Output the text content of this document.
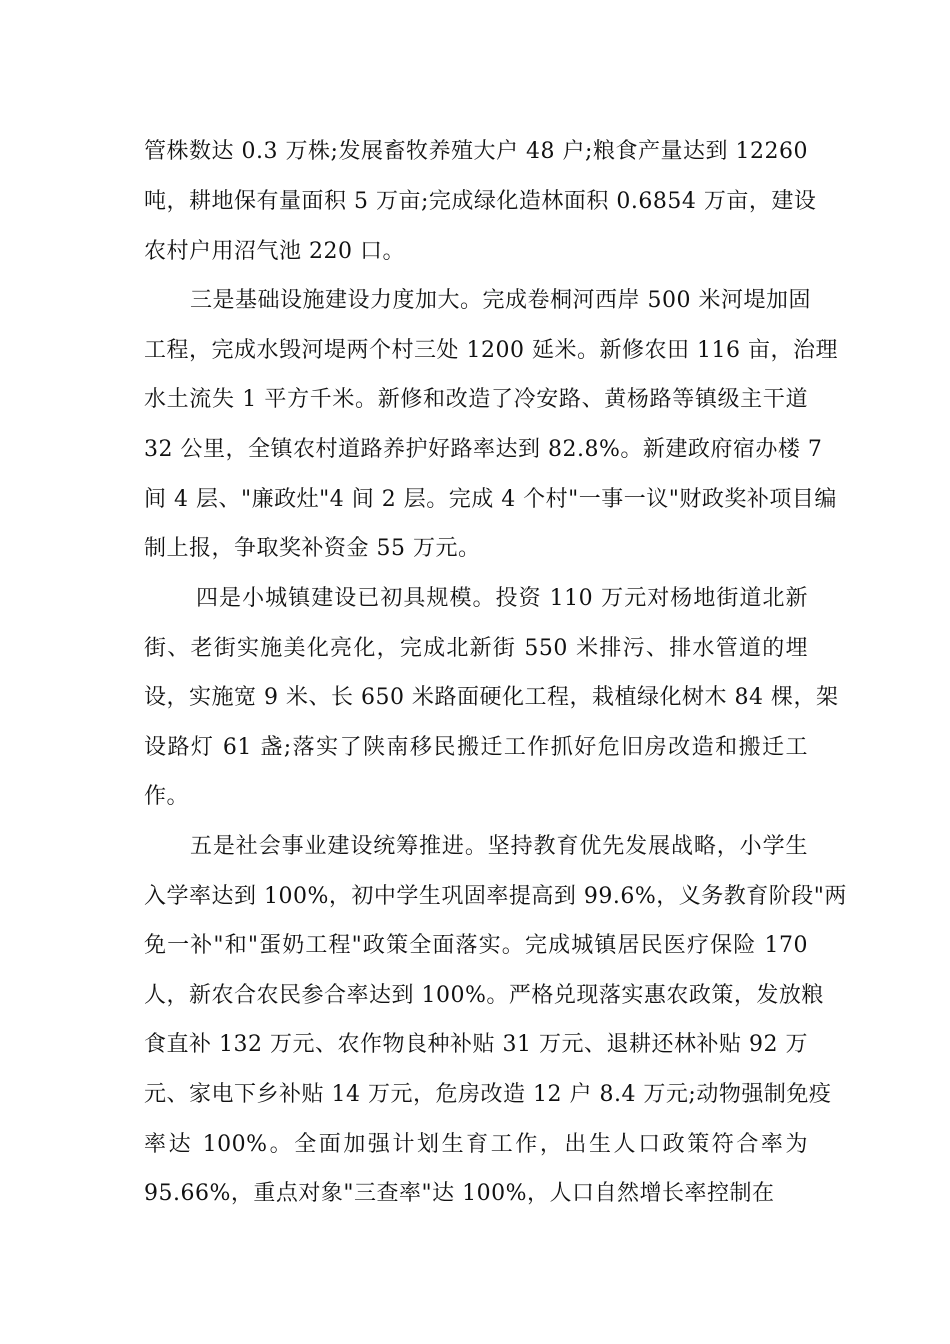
管株数达 0.3 万株;发展畜牧养殖大户 48 户;粮食产量达到 12260
吨，耕地保有量面积 5 万亩;完成绿化造林面积 0.6854 万亩，建设
农村户用沼气池 220 口。
三是基础设施建设力度加大。完成卷桐河西岸 500 米河堤加固
工程，完成水毁河堤两个村三处 1200 延米。新修农田 116 亩，治理
水土流失 1 平方千米。新修和改造了冷安路、黄杨路等镇级主干道
32 公里，全镇农村道路养护好路率达到 82.8%。新建政府宿办楼 7
间 4 层、"廉政灶"4 间 2 层。完成 4 个村"一事一议"财政奖补项目编
制上报，争取奖补资金 55 万元。
四是小城镇建设已初具规模。投资 110 万元对杨地街道北新
街、老街实施美化亮化，完成北新街 550 米排污、排水管道的埋
设，实施宽 9 米、长 650 米路面硬化工程，栽植绿化树木 84 棵，架
设路灯 61 盏;落实了陕南移民搬迁工作抓好危旧房改造和搬迁工
作。
五是社会事业建设统筹推进。坚持教育优先发展战略，小学生
入学率达到 100%，初中学生巩固率提高到 99.6%，义务教育阶段"两
免一补"和"蛋奶工程"政策全面落实。完成城镇居民医疗保险 170
人，新农合农民参合率达到 100%。严格兑现落实惠农政策，发放粮
食直补 132 万元、农作物良种补贴 31 万元、退耕还林补贴 92 万
元、家电下乡补贴 14 万元，危房改造 12 户 8.4 万元;动物强制免疫
率达 100%。全面加强计划生育工作，出生人口政策符合率为
95.66%，重点对象"三查率"达 100%，人口自然增长率控制在
